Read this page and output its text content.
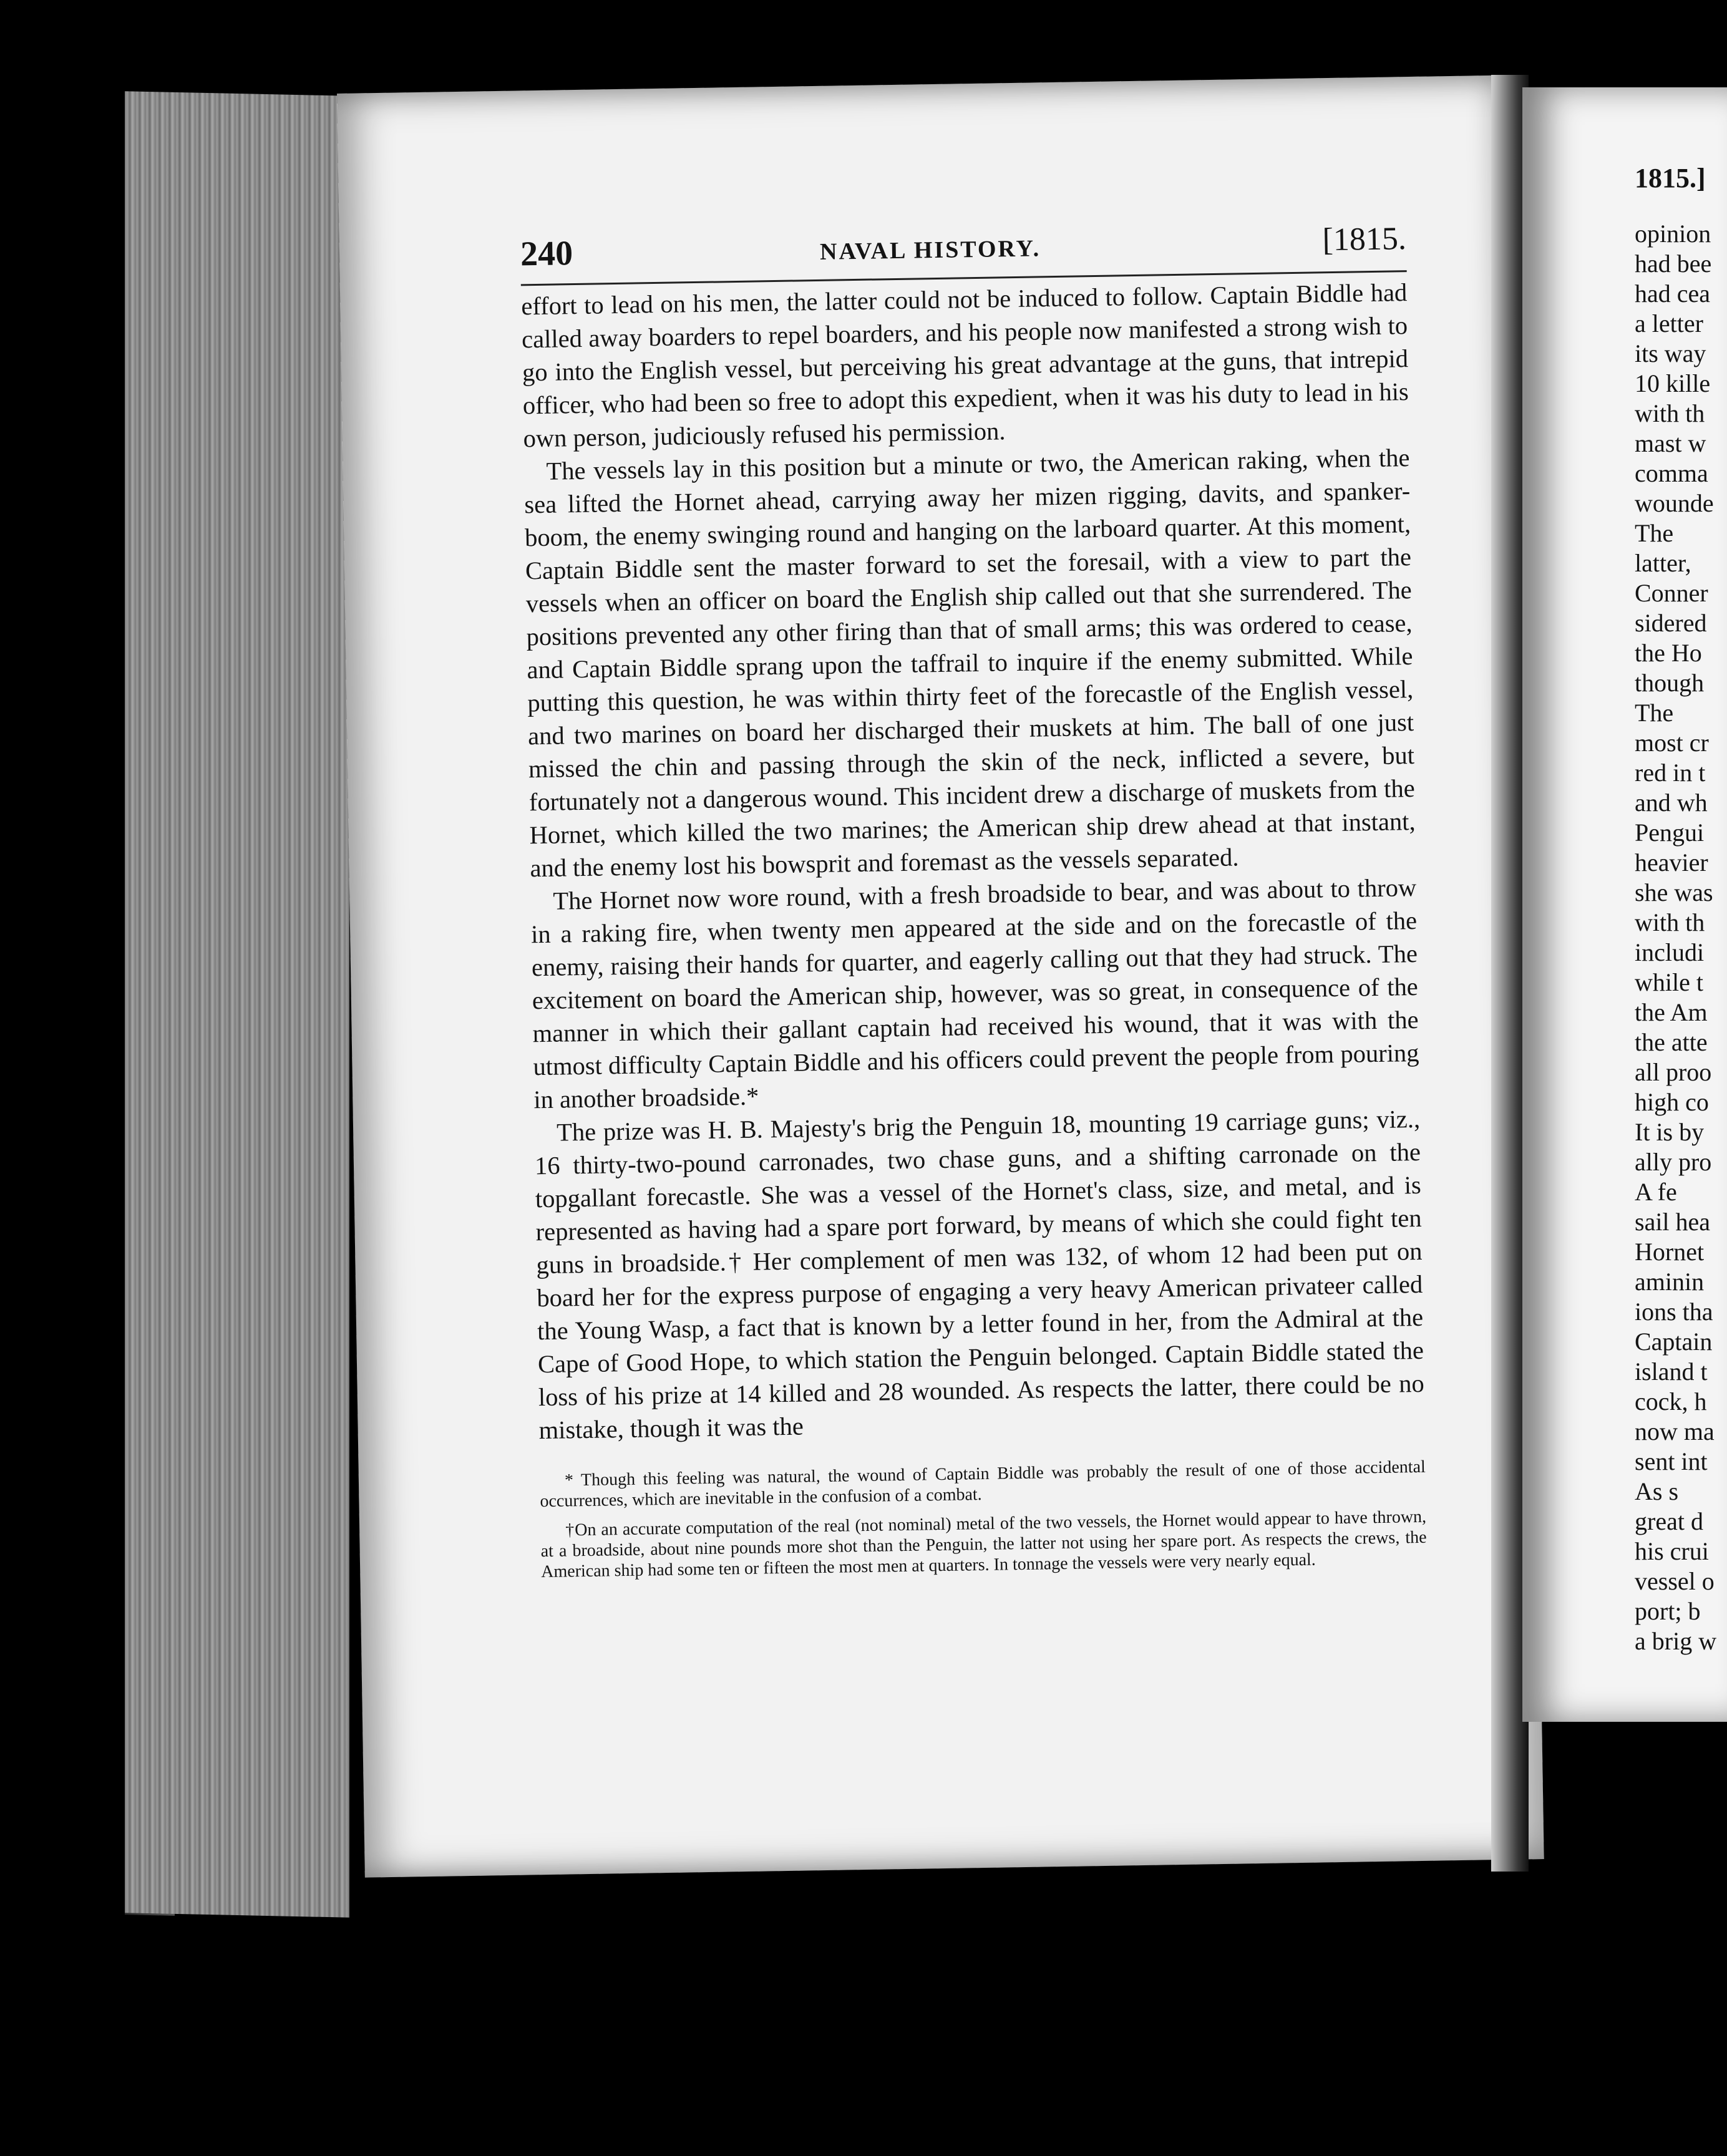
240	NAVAL HISTORY.	[1815.

effort to lead on his men, the latter could not be induced to follow. Captain Biddle had called away boarders to repel boarders, and his people now manifested a strong wish to go into the English vessel, but perceiving his great advantage at the guns, that intrepid officer, who had been so free to adopt this expedient, when it was his duty to lead in his own person, judiciously refused his permission.

The vessels lay in this position but a minute or two, the American raking, when the sea lifted the Hornet ahead, carrying away her mizen rigging, davits, and spanker-boom, the enemy swinging round and hanging on the larboard quarter. At this moment, Captain Biddle sent the master forward to set the foresail, with a view to part the vessels when an officer on board the English ship called out that she surrendered. The positions prevented any other firing than that of small arms; this was ordered to cease, and Captain Biddle sprang upon the taffrail to inquire if the enemy submitted. While putting this question, he was within thirty feet of the forecastle of the English vessel, and two marines on board her discharged their muskets at him. The ball of one just missed the chin and passing through the skin of the neck, inflicted a severe, but fortunately not a dangerous wound. This incident drew a discharge of muskets from the Hornet, which killed the two marines; the American ship drew ahead at that instant, and the enemy lost his bowsprit and foremast as the vessels separated.

The Hornet now wore round, with a fresh broadside to bear, and was about to throw in a raking fire, when twenty men appeared at the side and on the forecastle of the enemy, raising their hands for quarter, and eagerly calling out that they had struck. The excitement on board the American ship, however, was so great, in consequence of the manner in which their gallant captain had received his wound, that it was with the utmost difficulty Captain Biddle and his officers could prevent the people from pouring in another broadside.*

The prize was H. B. Majesty's brig the Penguin 18, mounting 19 carriage guns; viz., 16 thirty-two-pound carronades, two chase guns, and a shifting carronade on the topgallant forecastle. She was a vessel of the Hornet's class, size, and metal, and is represented as having had a spare port forward, by means of which she could fight ten guns in broadside.† Her complement of men was 132, of whom 12 had been put on board her for the express purpose of engaging a very heavy American privateer called the Young Wasp, a fact that is known by a letter found in her, from the Admiral at the Cape of Good Hope, to which station the Penguin belonged. Captain Biddle stated the loss of his prize at 14 killed and 28 wounded. As respects the latter, there could be no mistake, though it was the

* Though this feeling was natural, the wound of Captain Biddle was probably the result of one of those accidental occurrences, which are inevitable in the confusion of a combat.

†On an accurate computation of the real (not nominal) metal of the two vessels, the Hornet would appear to have thrown, at a broadside, about nine pounds more shot than the Penguin, the latter not using her spare port. As respects the crews, the American ship had some ten or fifteen the most men at quarters. In tonnage the vessels were very nearly equal.

1815.]
opinion
had bee
had cea
a letter
its way
10 kille
with th
mast w
comma
wounde
The
latter,
Conner
sidered
the Ho
though
The
most cr
red in t
and wh
Pengui
heavier
she was
with th
includi
while t
the Am
the atte
all proo
high co
It is by
ally pro
A fe
sail hea
Hornet
aminin
ions tha
Captain
island t
cock, h
now ma
sent int
As s
great d
his crui
vessel o
port; b
a brig w
